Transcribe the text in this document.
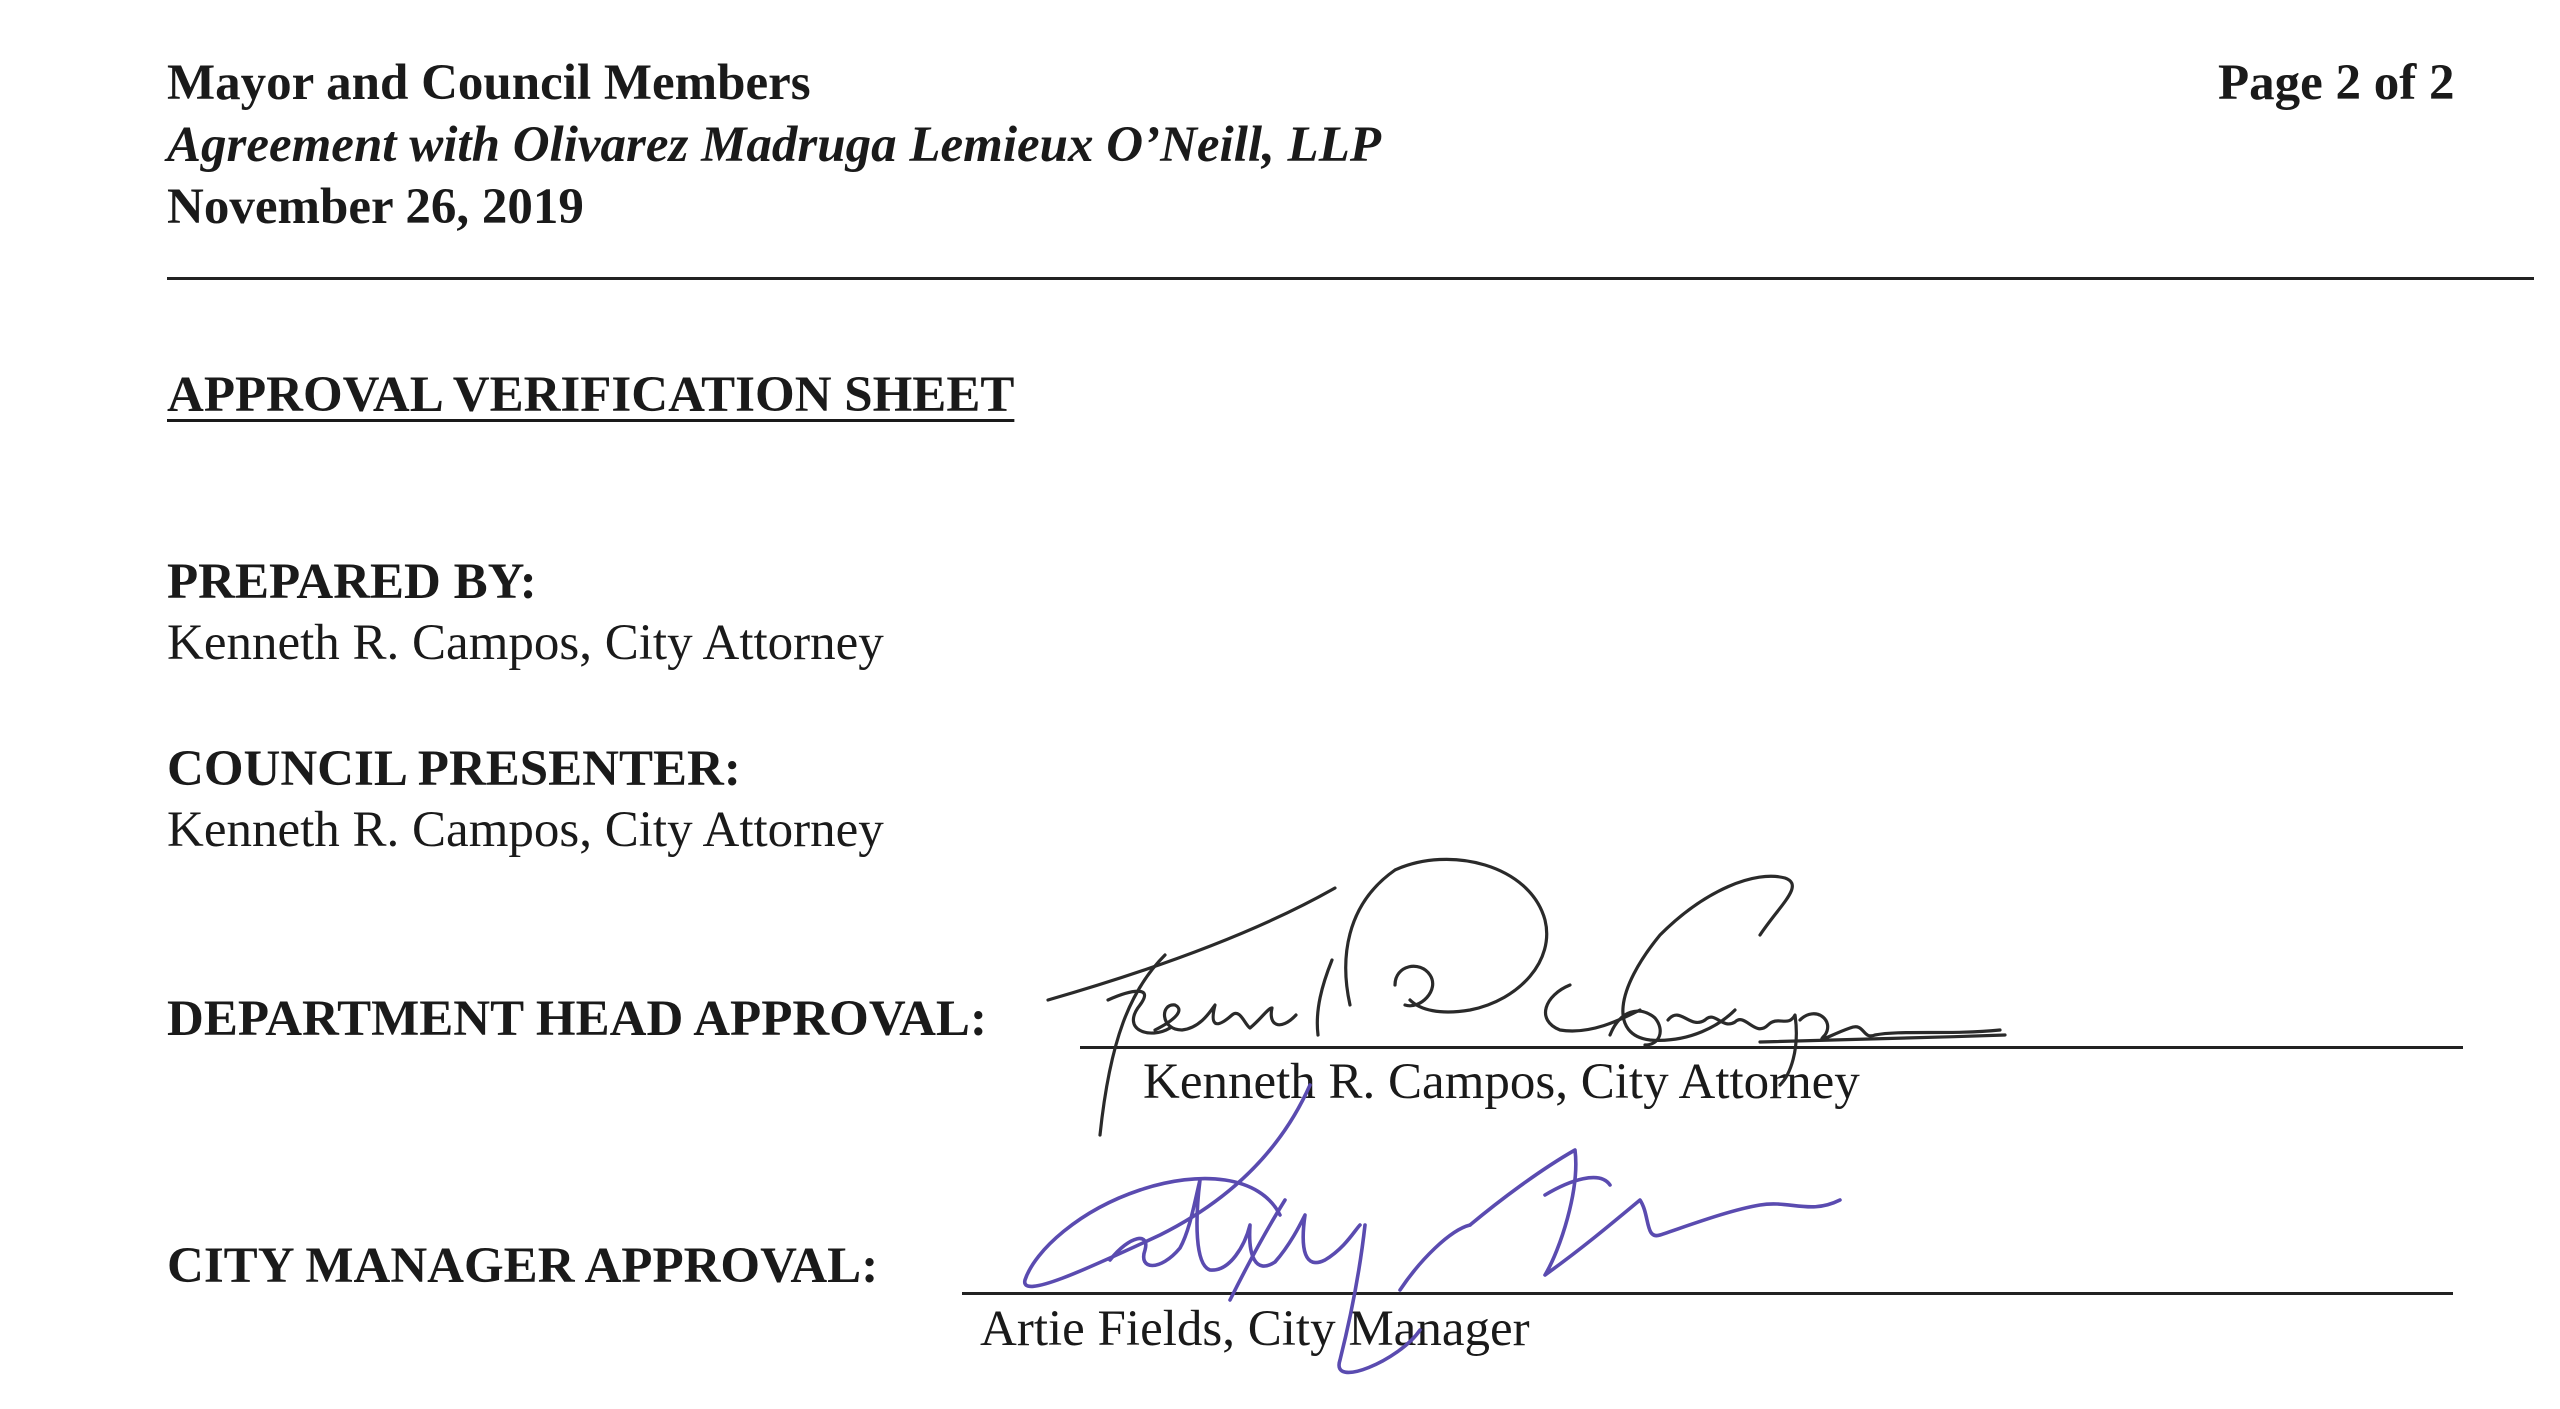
Mayor and Council Members
Agreement with Olivarez Madruga Lemieux O’Neill, LLP
November 26, 2019
Page 2 of 2
APPROVAL VERIFICATION SHEET
PREPARED BY:
Kenneth R. Campos, City Attorney
COUNCIL PRESENTER:
Kenneth R. Campos, City Attorney
DEPARTMENT HEAD APPROVAL:
Kenneth R. Campos, City Attorney
CITY MANAGER APPROVAL:
Artie Fields, City Manager
